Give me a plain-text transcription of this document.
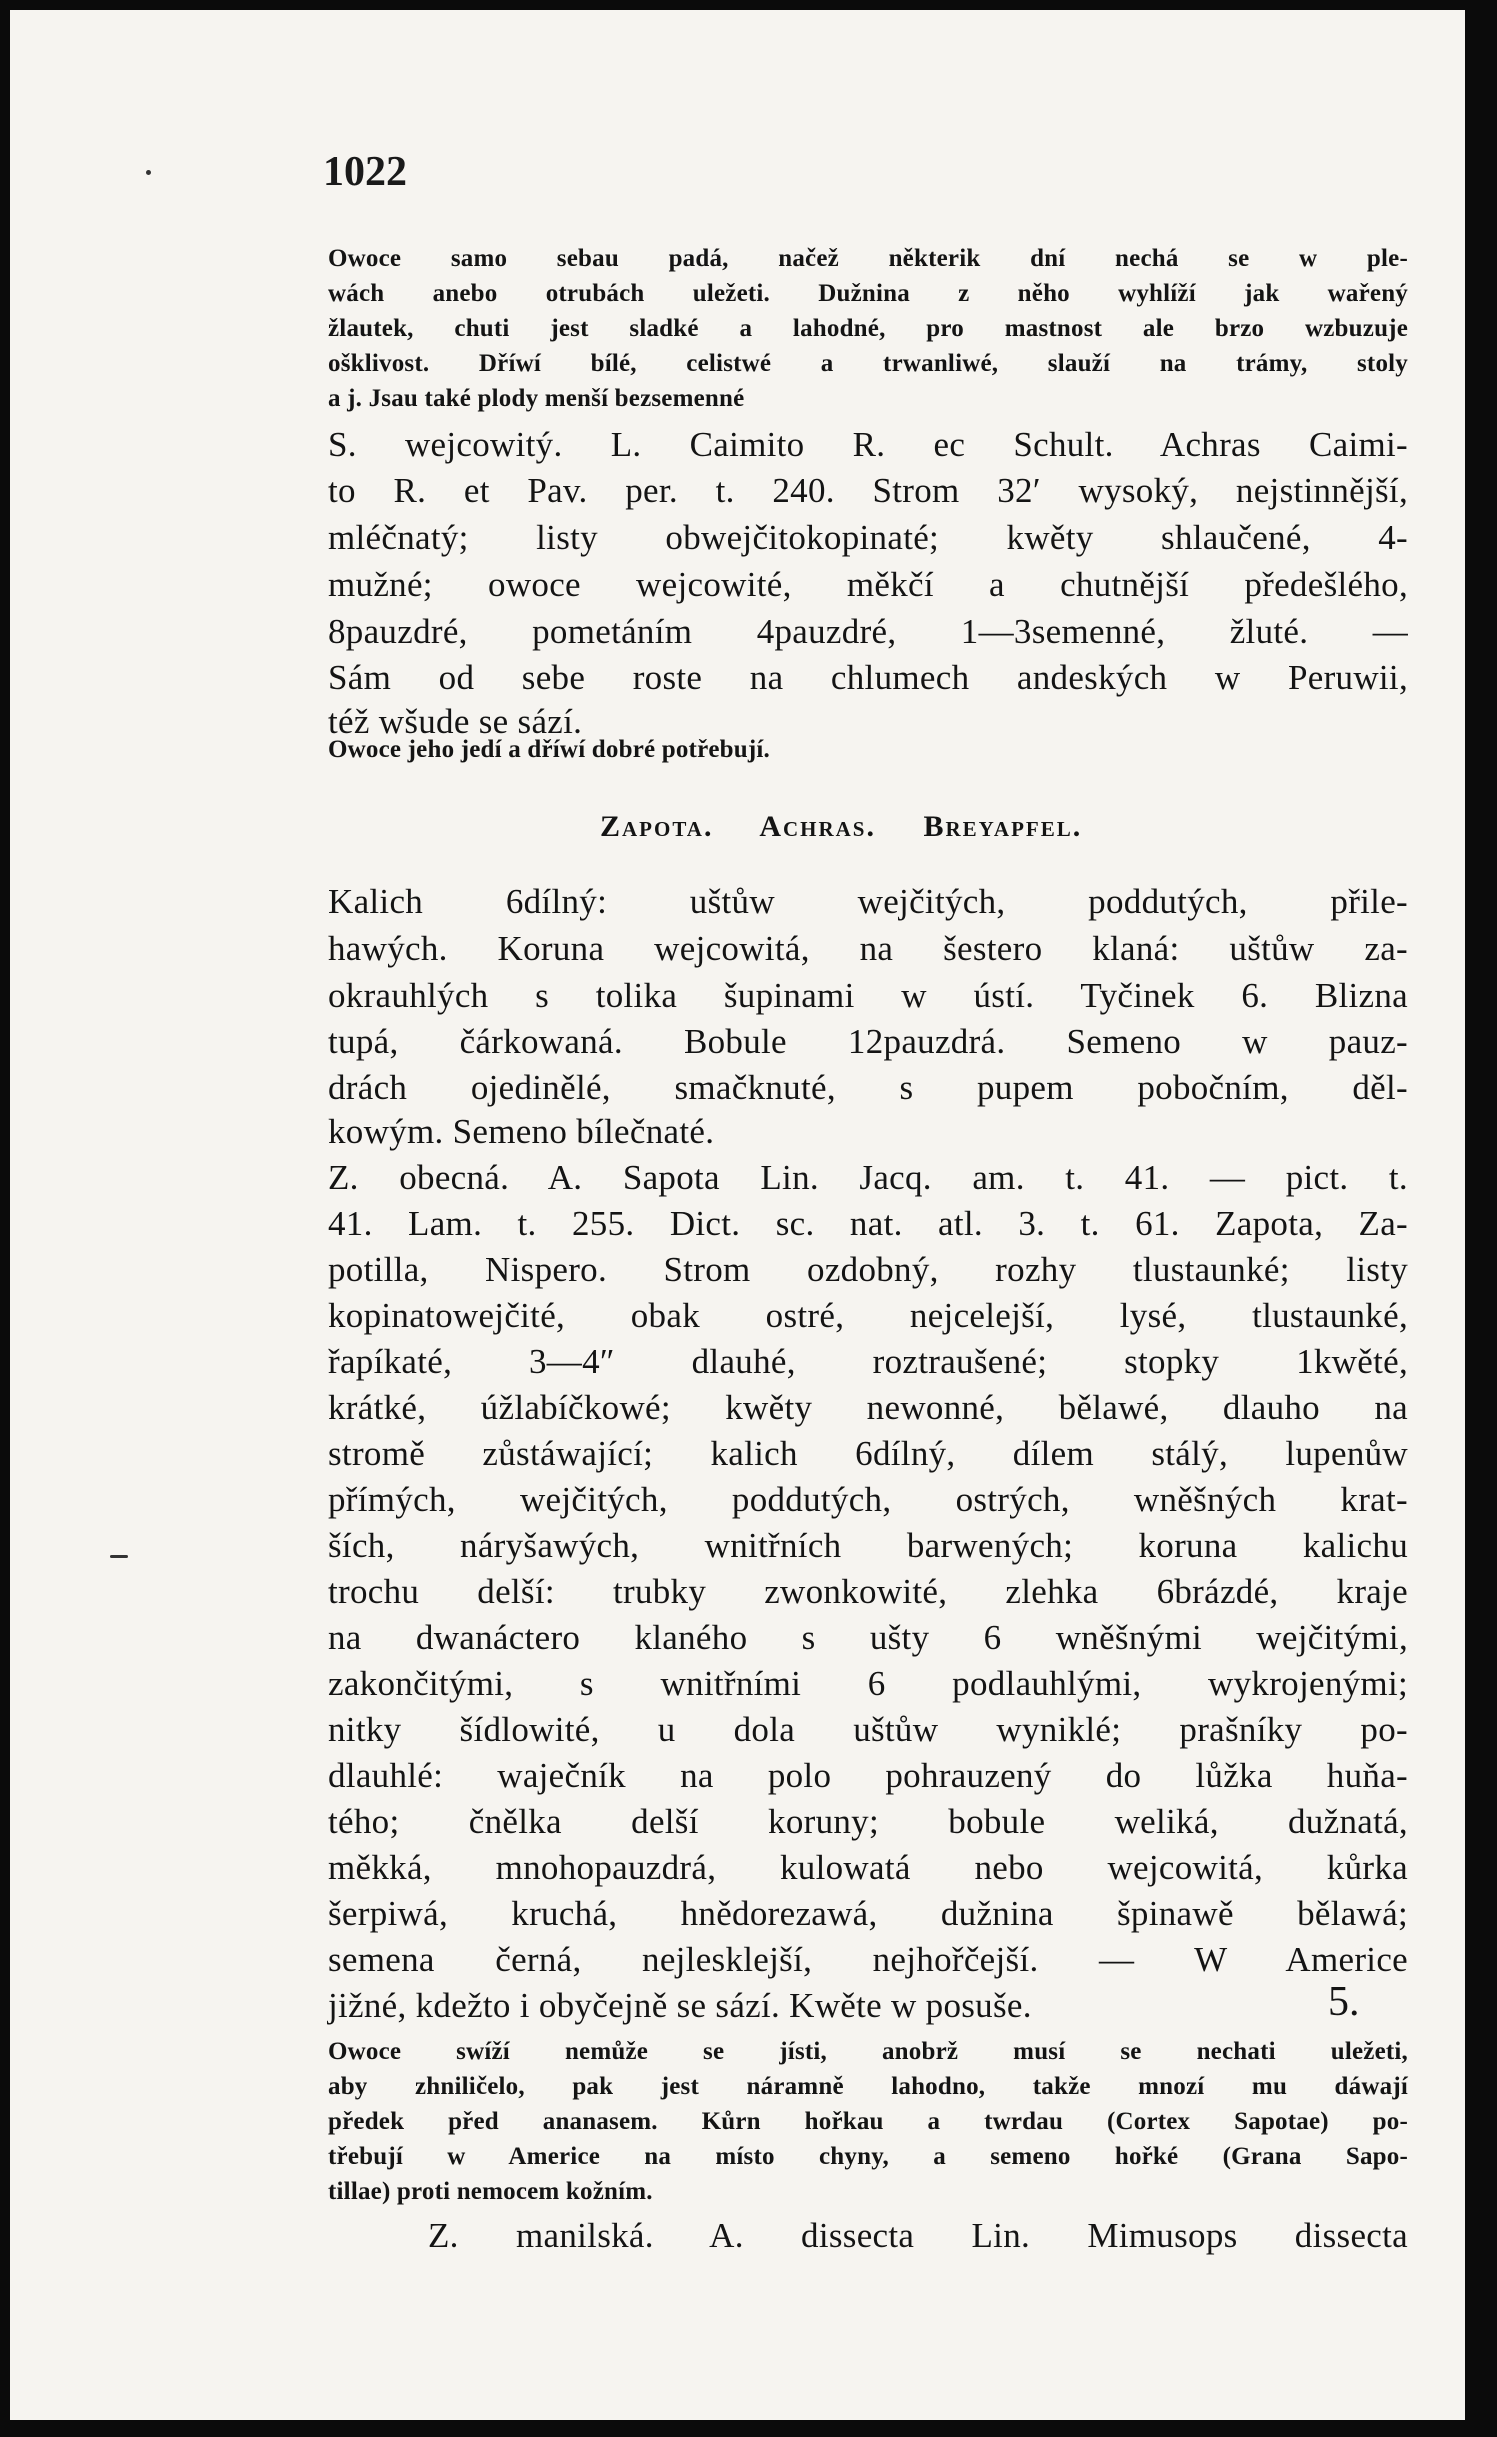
1022
Owoce samo sebau padá, načež některik dní nechá se w ple-
wách anebo otrubách uležeti. Dužnina z něho wyhlíží jak wařený
žlautek, chuti jest sladké a lahodné, pro mastnost ale brzo wzbuzuje
ošklivost. Dříwí bílé, celistwé a trwanliwé, slauží na trámy, stoly
a j. Jsau také plody menší bezsemenné
S. wejcowitý. L. Caimito R. ec Schult. Achras Caimi-
to R. et Pav. per. t. 240. Strom 32′ wysoký, nejstinnější,
mléčnatý; listy obwejčitokopinaté; kwěty shlaučené, 4-
mužné; owoce wejcowité, měkčí a chutnější předešlého,
8pauzdré, pometáním 4pauzdré, 1—3semenné, žluté. —
Sám od sebe roste na chlumech andeských w Peruwii,
též wšude se sází.
Owoce jeho jedí a dříwí dobré potřebují.
Zapota. Achras. Breyapfel.
Kalich 6dílný: uštůw wejčitých, poddutých, přile-
hawých. Koruna wejcowitá, na šestero klaná: uštůw za-
okrauhlých s tolika šupinami w ústí. Tyčinek 6. Blizna
tupá, čárkowaná. Bobule 12pauzdrá. Semeno w pauz-
drách ojedinělé, smačknuté, s pupem pobočním, děl-
kowým. Semeno bílečnaté.
Z. obecná. A. Sapota Lin. Jacq. am. t. 41. — pict. t.
41. Lam. t. 255. Dict. sc. nat. atl. 3. t. 61. Zapota, Za-
potilla, Nispero. Strom ozdobný, rozhy tlustaunké; listy
kopinatowejčité, obak ostré, nejcelejší, lysé, tlustaunké,
řapíkaté, 3—4″ dlauhé, roztraušené; stopky 1kwěté,
krátké, úžlabíčkowé; kwěty newonné, bělawé, dlauho na
stromě zůstáwající; kalich 6dílný, dílem stálý, lupenůw
přímých, wejčitých, poddutých, ostrých, wněšných krat-
ších, náryšawých, wnitřních barwených; koruna kalichu
trochu delší: trubky zwonkowité, zlehka 6brázdé, kraje
na dwanáctero klaného s ušty 6 wněšnými wejčitými,
zakončitými, s wnitřními 6 podlauhlými, wykrojenými;
nitky šídlowité, u dola uštůw wyniklé; prašníky po-
dlauhlé: waječník na polo pohrauzený do lůžka huňa-
tého; čnělka delší koruny; bobule weliká, dužnatá,
měkká, mnohopauzdrá, kulowatá nebo wejcowitá, kůrka
šerpiwá, kruchá, hnědorezawá, dužnina špinawě bělawá;
semena černá, nejlesklejší, nejhořčejší. — W Americe
jižné, kdežto i obyčejně se sází. Kwěte w posuše.	5.
Owoce swíží nemůže se jísti, anobrž musí se nechati uležeti,
aby zhniličelo, pak jest náramně lahodno, takže mnozí mu dáwají
předek před ananasem. Kůrn hořkau a twrdau (Cortex Sapotae) po-
třebují w Americe na místo chyny, a semeno hořké (Grana Sapo-
tillae) proti nemocem kožním.
Z. manilská. A. dissecta Lin. Mimusops dissecta
